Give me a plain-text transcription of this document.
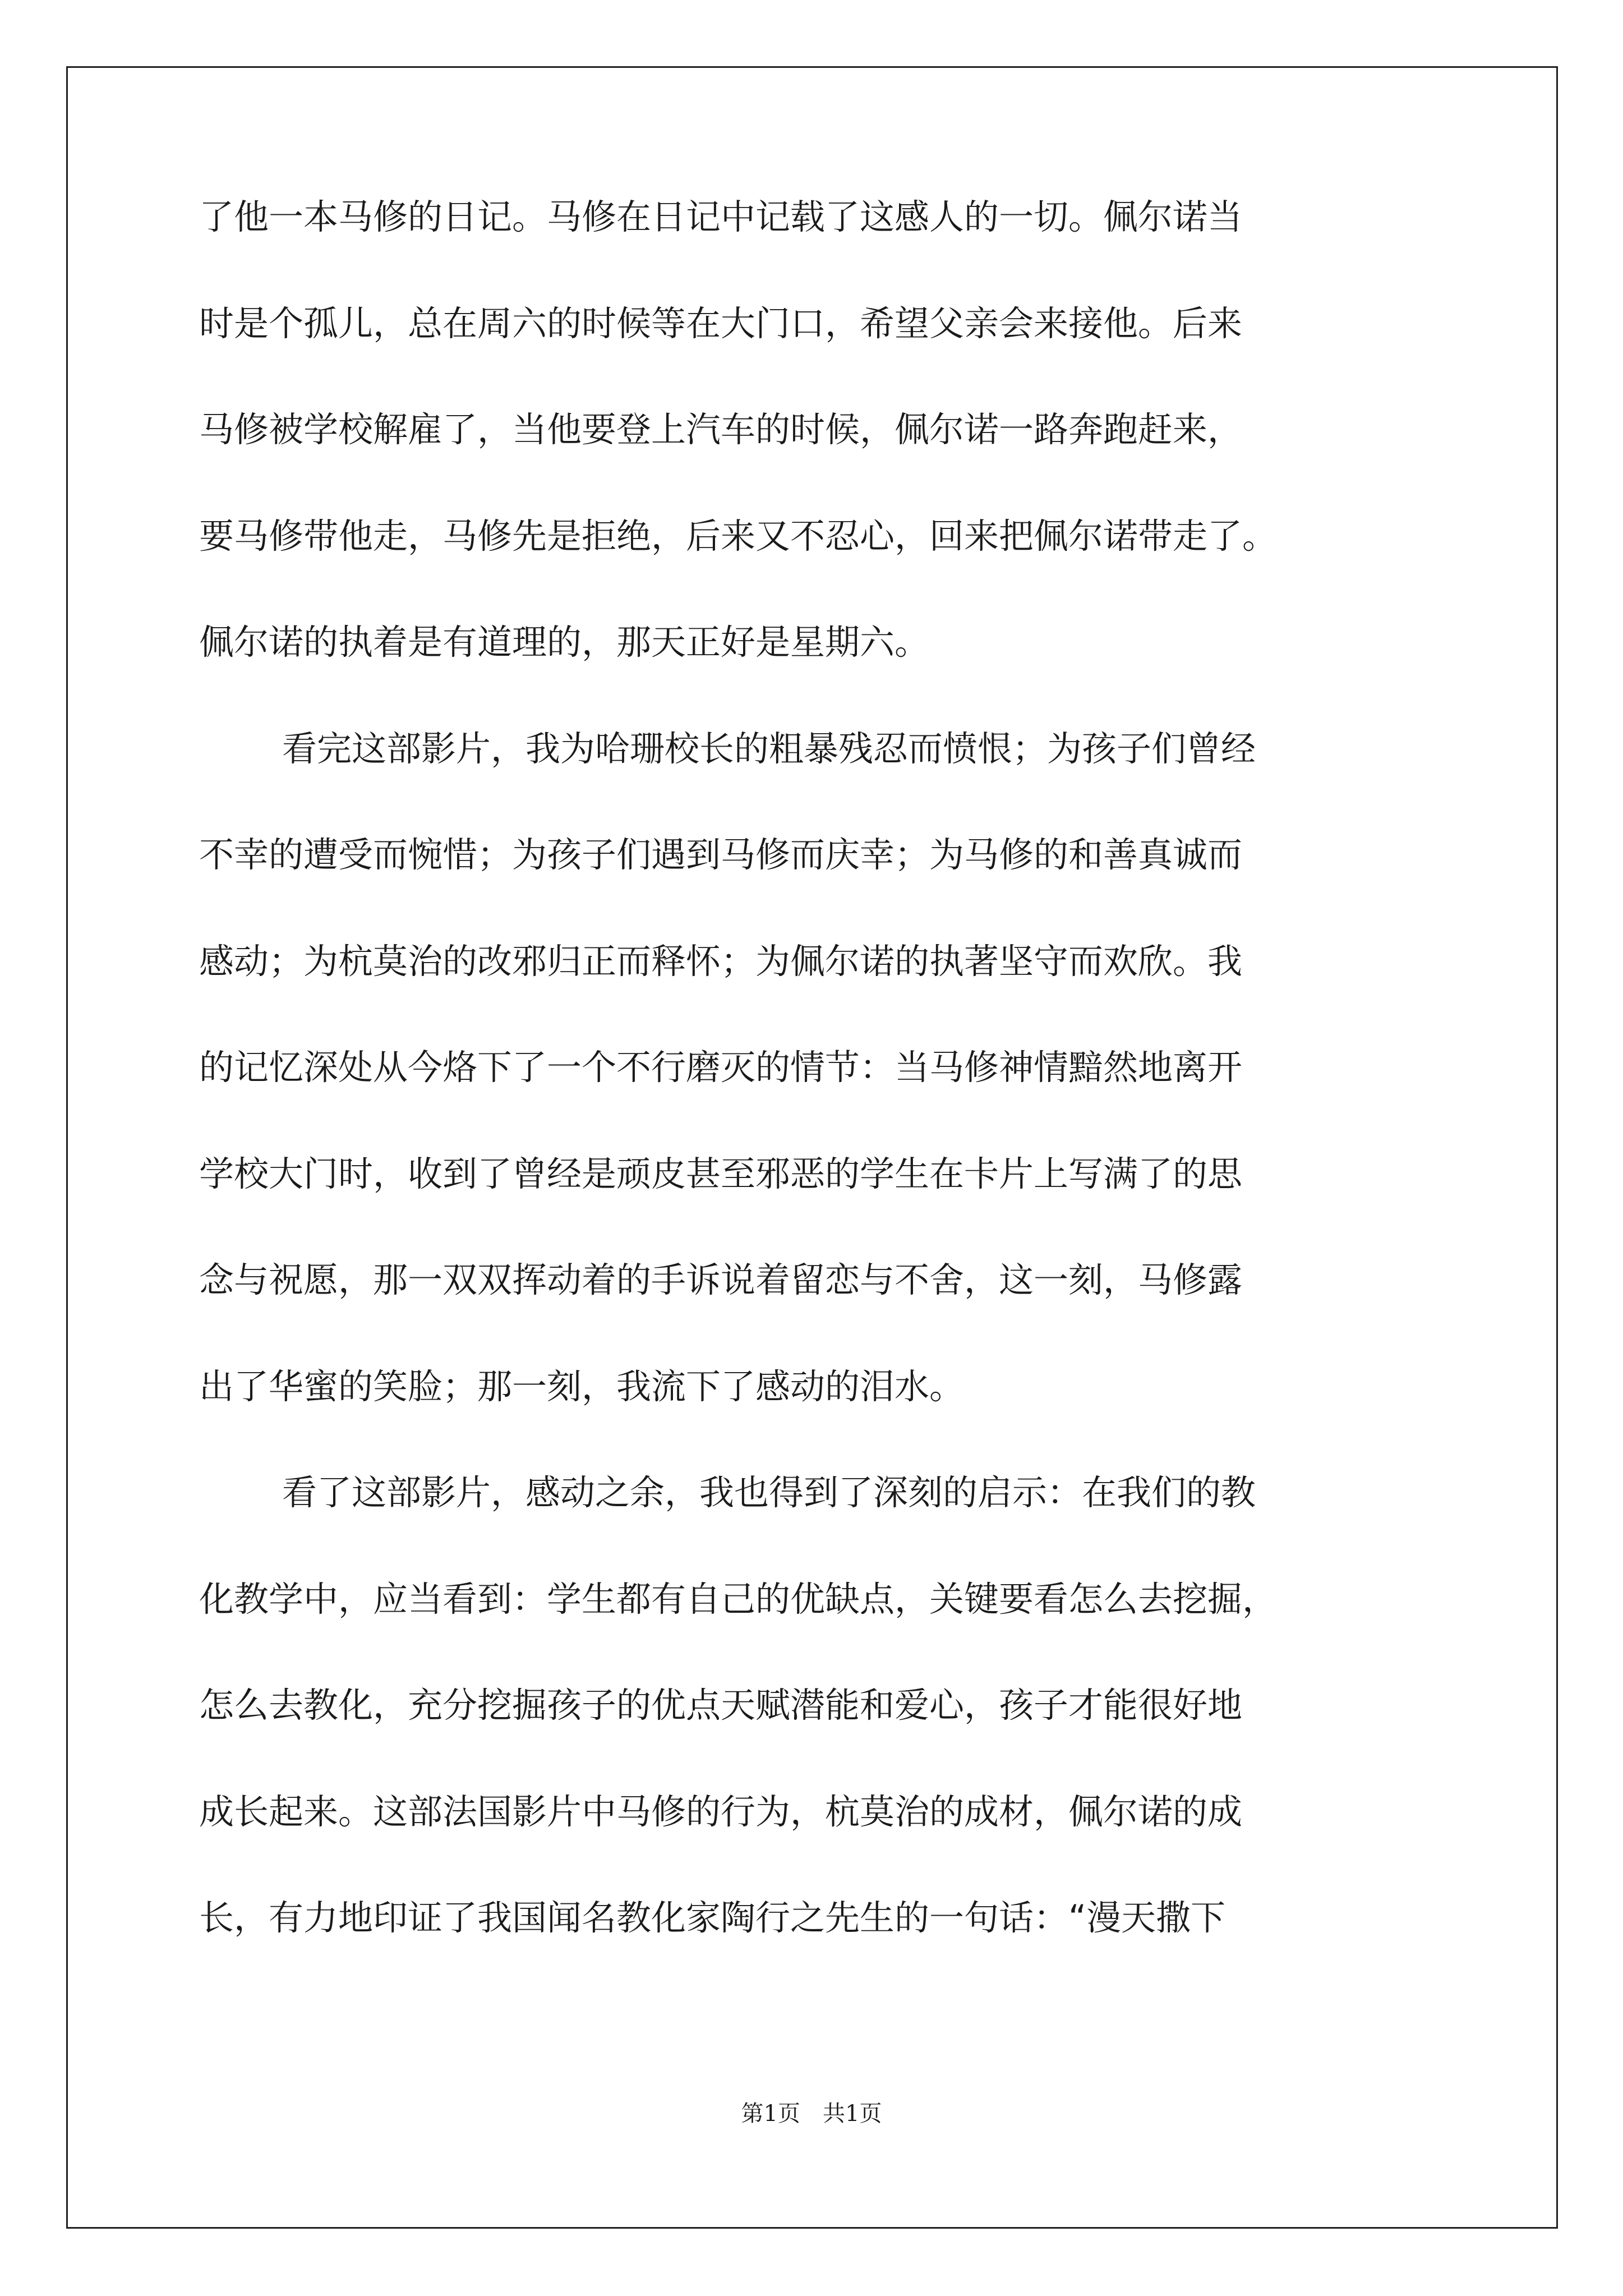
了他一本马修的日记。马修在日记中记载了这感人的一切。佩尔诺当
时是个孤儿，总在周六的时候等在大门口，希望父亲会来接他。后来
马修被学校解雇了，当他要登上汽车的时候，佩尔诺一路奔跑赶来，
要马修带他走，马修先是拒绝，后来又不忍心，回来把佩尔诺带走了。
佩尔诺的执着是有道理的，那天正好是星期六。
看完这部影片，我为哈珊校长的粗暴残忍而愤恨；为孩子们曾经
不幸的遭受而惋惜；为孩子们遇到马修而庆幸；为马修的和善真诚而
感动；为杭莫治的改邪归正而释怀；为佩尔诺的执著坚守而欢欣。我
的记忆深处从今烙下了一个不行磨灭的情节：当马修神情黯然地离开
学校大门时，收到了曾经是顽皮甚至邪恶的学生在卡片上写满了的思
念与祝愿，那一双双挥动着的手诉说着留恋与不舍，这一刻，马修露
出了华蜜的笑脸；那一刻，我流下了感动的泪水。
看了这部影片，感动之余，我也得到了深刻的启示：在我们的教
化教学中，应当看到：学生都有自己的优缺点，关键要看怎么去挖掘，
怎么去教化，充分挖掘孩子的优点天赋潜能和爱心，孩子才能很好地
成长起来。这部法国影片中马修的行为，杭莫治的成材，佩尔诺的成
长，有力地印证了我国闻名教化家陶行之先生的一句话：“漫天撒下
第1页　共1页
